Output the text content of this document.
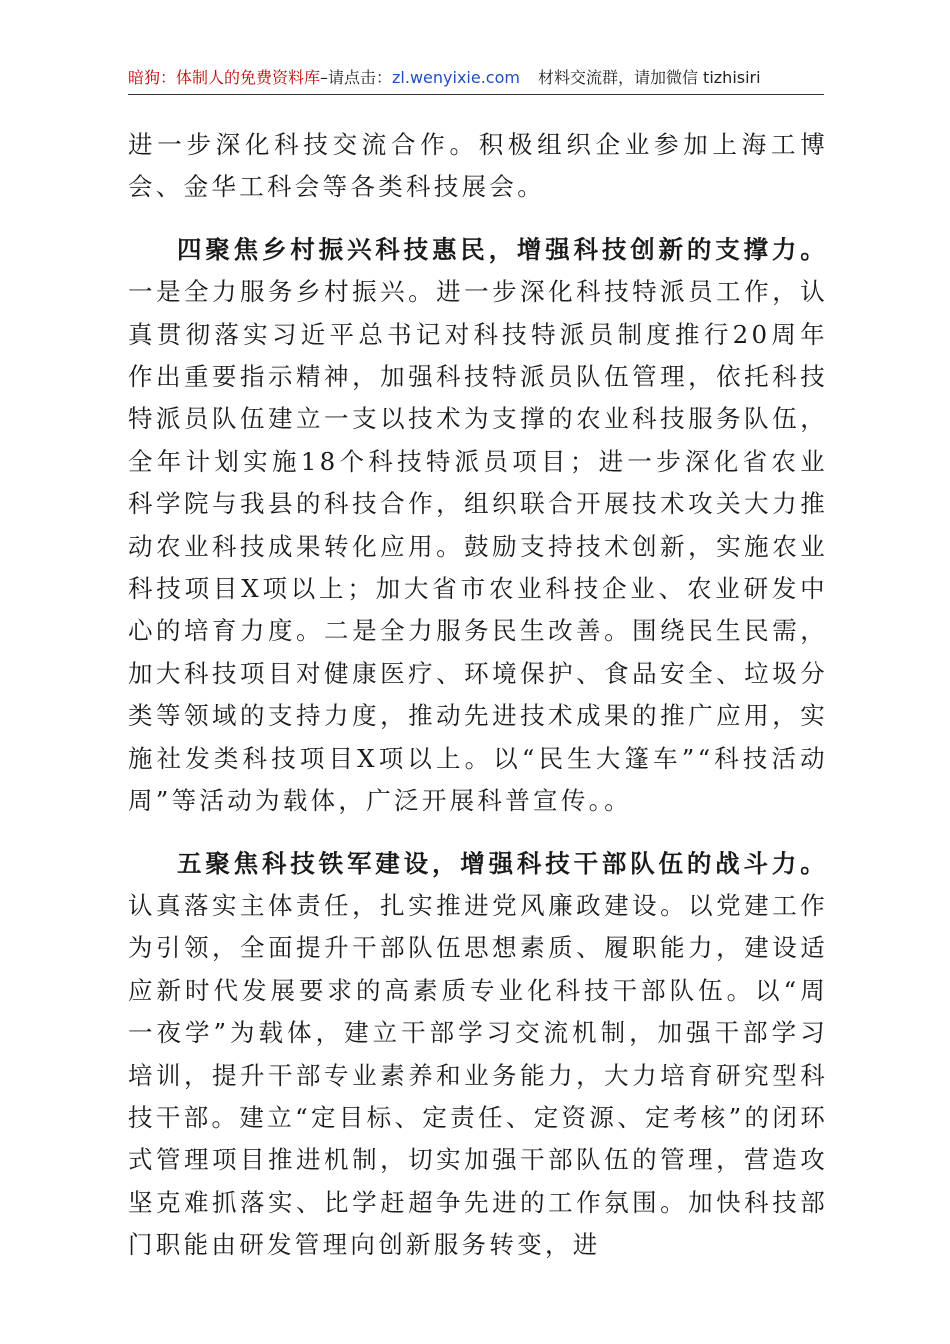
暗狗：体制人的免费资料库–请点击：zl.wenyixie.com 材料交流群，请加微信 tizhisiri

进一步深化科技交流合作。积极组织企业参加上海工博会、金华工科会等各类科技展会。

四聚焦乡村振兴科技惠民，增强科技创新的支撑力。一是全力服务乡村振兴。进一步深化科技特派员工作，认真贯彻落实习近平总书记对科技特派员制度推行20周年作出重要指示精神，加强科技特派员队伍管理，依托科技特派员队伍建立一支以技术为支撑的农业科技服务队伍，全年计划实施18个科技特派员项目；进一步深化省农业科学院与我县的科技合作，组织联合开展技术攻关大力推动农业科技成果转化应用。鼓励支持技术创新，实施农业科技项目X项以上；加大省市农业科技企业、农业研发中心的培育力度。二是全力服务民生改善。围绕民生民需，加大科技项目对健康医疗、环境保护、食品安全、垃圾分类等领域的支持力度，推动先进技术成果的推广应用，实施社发类科技项目X项以上。以“民生大篷车”“科技活动周”等活动为载体，广泛开展科普宣传。。

五聚焦科技铁军建设，增强科技干部队伍的战斗力。认真落实主体责任，扎实推进党风廉政建设。以党建工作为引领，全面提升干部队伍思想素质、履职能力，建设适应新时代发展要求的高素质专业化科技干部队伍。以“周一夜学”为载体，建立干部学习交流机制，加强干部学习培训，提升干部专业素养和业务能力，大力培育研究型科技干部。建立“定目标、定责任、定资源、定考核”的闭环式管理项目推进机制，切实加强干部队伍的管理，营造攻坚克难抓落实、比学赶超争先进的工作氛围。加快科技部门职能由研发管理向创新服务转变，进
